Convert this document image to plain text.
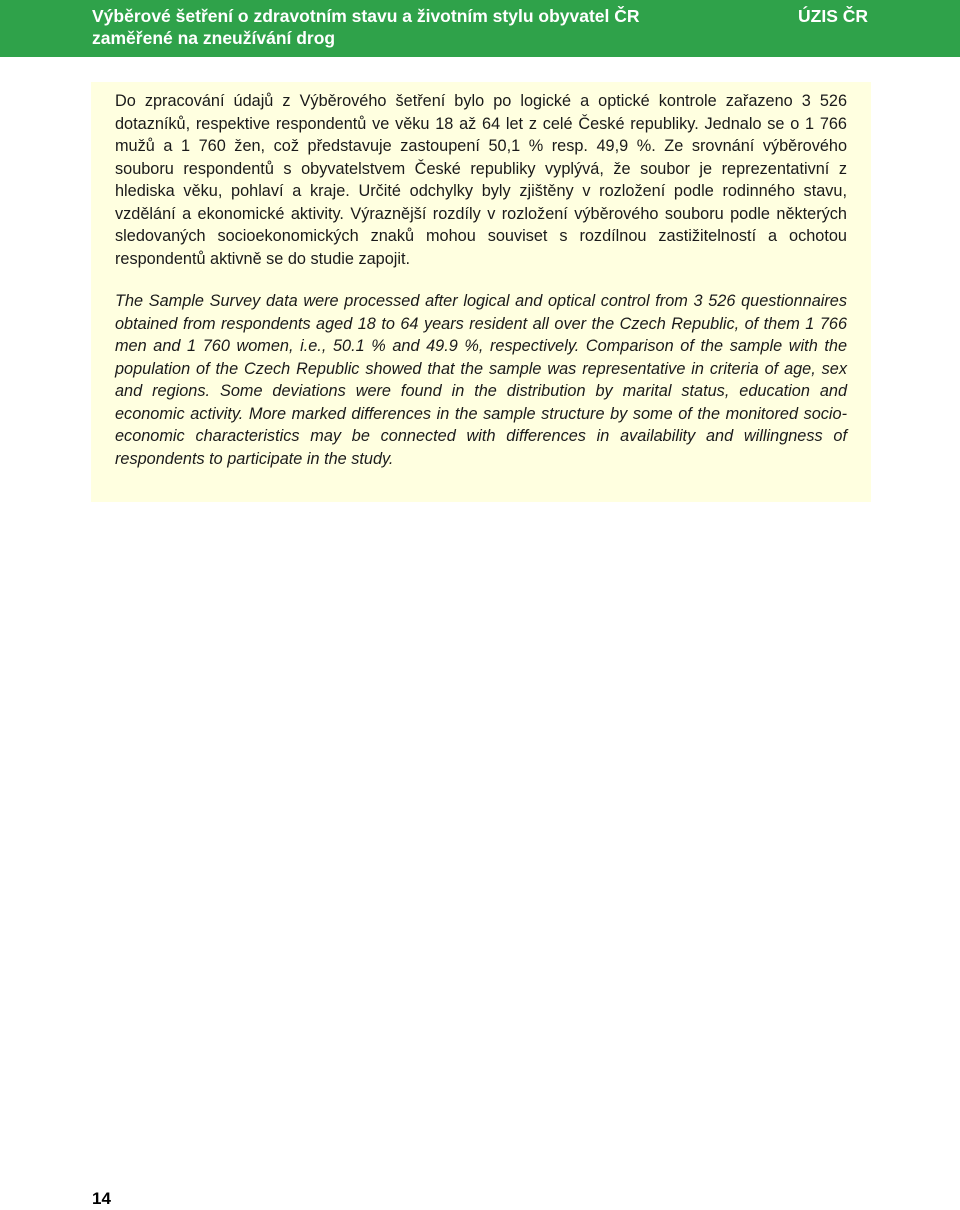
Výběrové šetření o zdravotním stavu a životním stylu obyvatel ČR
zaměřené na zneužívání drog
ÚZIS ČR

Do zpracování údajů z Výběrového šetření bylo po logické a optické kontrole zařazeno 3 526 dotazníků, respektive respondentů ve věku 18 až 64 let z celé České republiky. Jednalo se o 1 766 mužů a 1 760 žen, což představuje zastoupení 50,1 % resp. 49,9 %. Ze srovnání výběrového souboru respondentů s obyvatelstvem České republiky vyplývá, že soubor je reprezentativní z hlediska věku, pohlaví a kraje. Určité odchylky byly zjištěny v rozložení podle rodinného stavu, vzdělání a ekonomické aktivity. Výraznější rozdíly v rozložení výběrového souboru podle některých sledovaných socioekonomických znaků mohou souviset s rozdílnou zastižitelností a ochotou respondentů aktivně se do studie zapojit.

The Sample Survey data were processed after logical and optical control from 3 526 questionnaires obtained from respondents aged 18 to 64 years resident all over the Czech Republic, of them 1 766 men and 1 760 women, i.e., 50.1 % and 49.9 %, respectively. Comparison of the sample with the population of the Czech Republic showed that the sample was representative in criteria of age, sex and regions. Some deviations were found in the distribution by marital status, education and economic activity. More marked differences in the sample structure by some of the monitored socio-economic characteristics may be connected with differences in availability and willingness of respondents to participate in the study.

14
